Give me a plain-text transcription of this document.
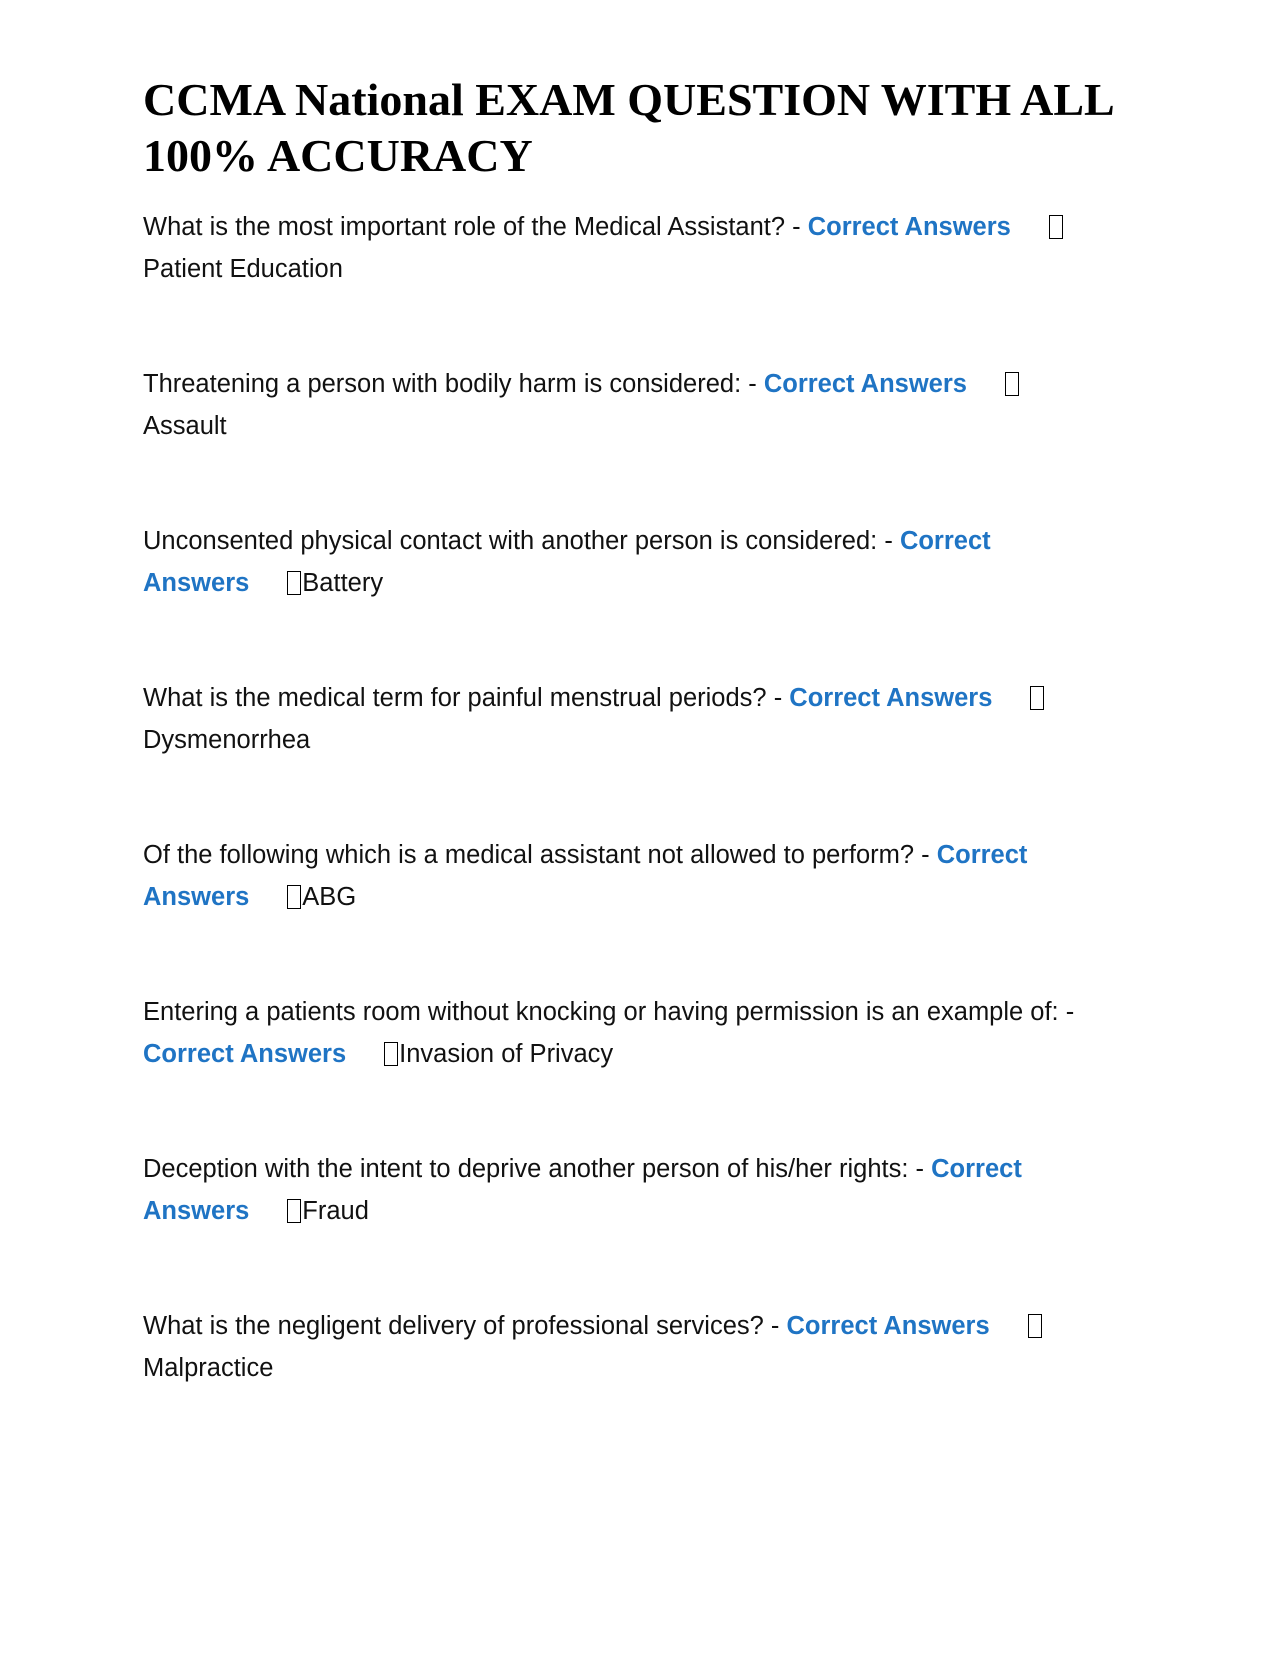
CCMA National EXAM QUESTION WITH ALL 100% ACCURACY

What is the most important role of the Medical Assistant? - Correct AnswersPatient Education

Threatening a person with bodily harm is considered: - Correct AnswersAssault

Unconsented physical contact with another person is considered: - Correct Answers Battery

What is the medical term for painful menstrual periods? - Correct AnswersDysmenorrhea

Of the following which is a medical assistant not allowed to perform? - Correct Answers ABG

Entering a patients room without knocking or having permission is an example of: - Correct Answers Invasion of Privacy

Deception with the intent to deprive another person of his/her rights: - Correct Answers Fraud

What is the negligent delivery of professional services? - Correct AnswersMalpractice
